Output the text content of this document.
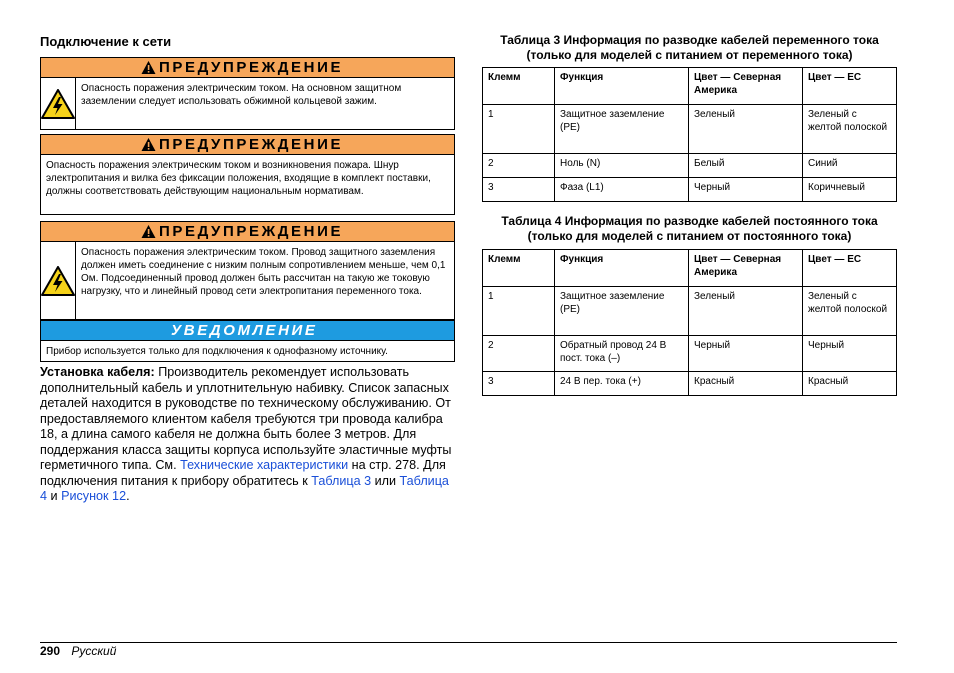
Подключение к сети
ПРЕДУПРЕЖДЕНИЕ
Опасность поражения электрическим током. На основном защитном заземлении следует использовать обжимной кольцевой зажим.
ПРЕДУПРЕЖДЕНИЕ
Опасность поражения электрическим током и возникновения пожара. Шнур электропитания и вилка без фиксации положения, входящие в комплект поставки, должны соответствовать действующим национальным нормативам.
ПРЕДУПРЕЖДЕНИЕ
Опасность поражения электрическим током. Провод защитного заземления должен иметь соединение с низким полным сопротивлением меньше, чем 0,1 Ом. Подсоединенный провод должен быть рассчитан на такую же токовую нагрузку, что и линейный провод сети электропитания переменного тока.
УВЕДОМЛЕНИЕ
Прибор используется только для подключения к однофазному источнику.
Установка кабеля: Производитель рекомендует использовать дополнительный кабель и уплотнительную набивку. Список запасных деталей находится в руководстве по техническому обслуживанию. От предоставляемого клиентом кабеля требуются три провода калибра 18, а длина самого кабеля не должна быть более 3 метров. Для поддержания класса защиты корпуса используйте эластичные муфты герметичного типа. См. Технические характеристики на стр. 278. Для подключения питания к прибору обратитесь к Таблица 3 или Таблица 4 и Рисунок 12.
Таблица 3 Информация по разводке кабелей переменного тока
(только для моделей с питанием от переменного тока)
Клемм	Функция	Цвет — Северная Америка	Цвет — ЕС
1	Защитное заземление (PE)	Зеленый	Зеленый с желтой полоской
2	Ноль (N)	Белый	Синий
3	Фаза (L1)	Черный	Коричневый
Таблица 4 Информация по разводке кабелей постоянного тока
(только для моделей с питанием от постоянного тока)
Клемм	Функция	Цвет — Северная Америка	Цвет — ЕС
1	Защитное заземление (PE)	Зеленый	Зеленый с желтой полоской
2	Обратный провод 24 В пост. тока (–)	Черный	Черный
3	24 В пер. тока (+)	Красный	Красный
290 Русский
